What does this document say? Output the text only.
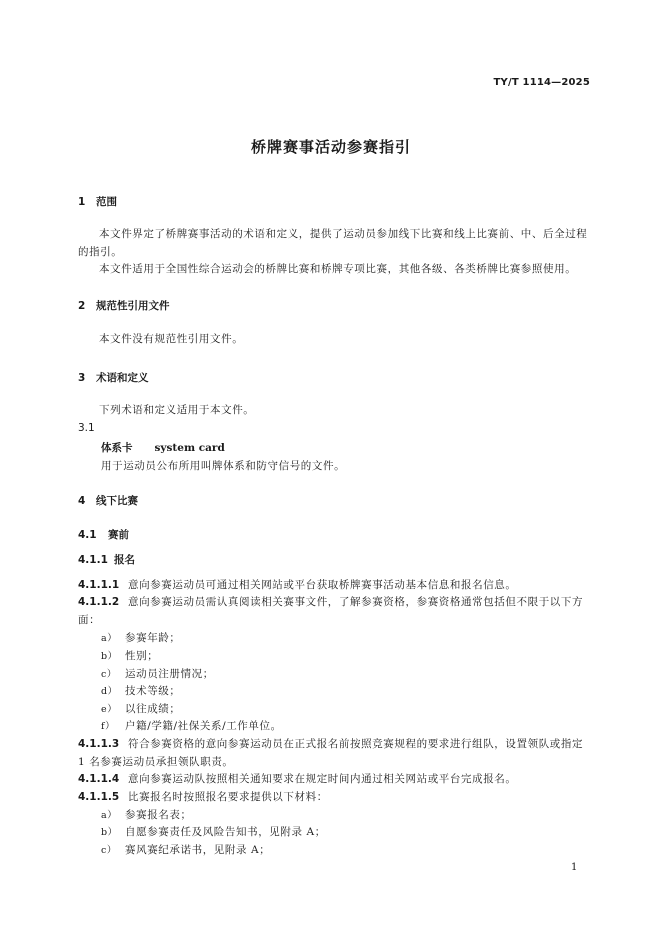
TY/T 1114—2025
桥牌赛事活动参赛指引
1 范围
本文件界定了桥牌赛事活动的术语和定义，提供了运动员参加线下比赛和线上比赛前、中、后全过程的指引。
本文件适用于全国性综合运动会的桥牌比赛和桥牌专项比赛，其他各级、各类桥牌比赛参照使用。
2 规范性引用文件
本文件没有规范性引用文件。
3 术语和定义
下列术语和定义适用于本文件。
3.1
体系卡 system card
用于运动员公布所用叫牌体系和防守信号的文件。
4 线下比赛
4.1 赛前
4.1.1 报名
4.1.1.1 意向参赛运动员可通过相关网站或平台获取桥牌赛事活动基本信息和报名信息。
4.1.1.2 意向参赛运动员需认真阅读相关赛事文件，了解参赛资格，参赛资格通常包括但不限于以下方面：
a） 参赛年龄；
b） 性别；
c） 运动员注册情况；
d） 技术等级；
e） 以往成绩；
f） 户籍/学籍/社保关系/工作单位。
4.1.1.3 符合参赛资格的意向参赛运动员在正式报名前按照竞赛规程的要求进行组队，设置领队或指定 1 名参赛运动员承担领队职责。
4.1.1.4 意向参赛运动队按照相关通知要求在规定时间内通过相关网站或平台完成报名。
4.1.1.5 比赛报名时按照报名要求提供以下材料：
a） 参赛报名表；
b） 自愿参赛责任及风险告知书，见附录 A；
c） 赛风赛纪承诺书，见附录 A；
1
